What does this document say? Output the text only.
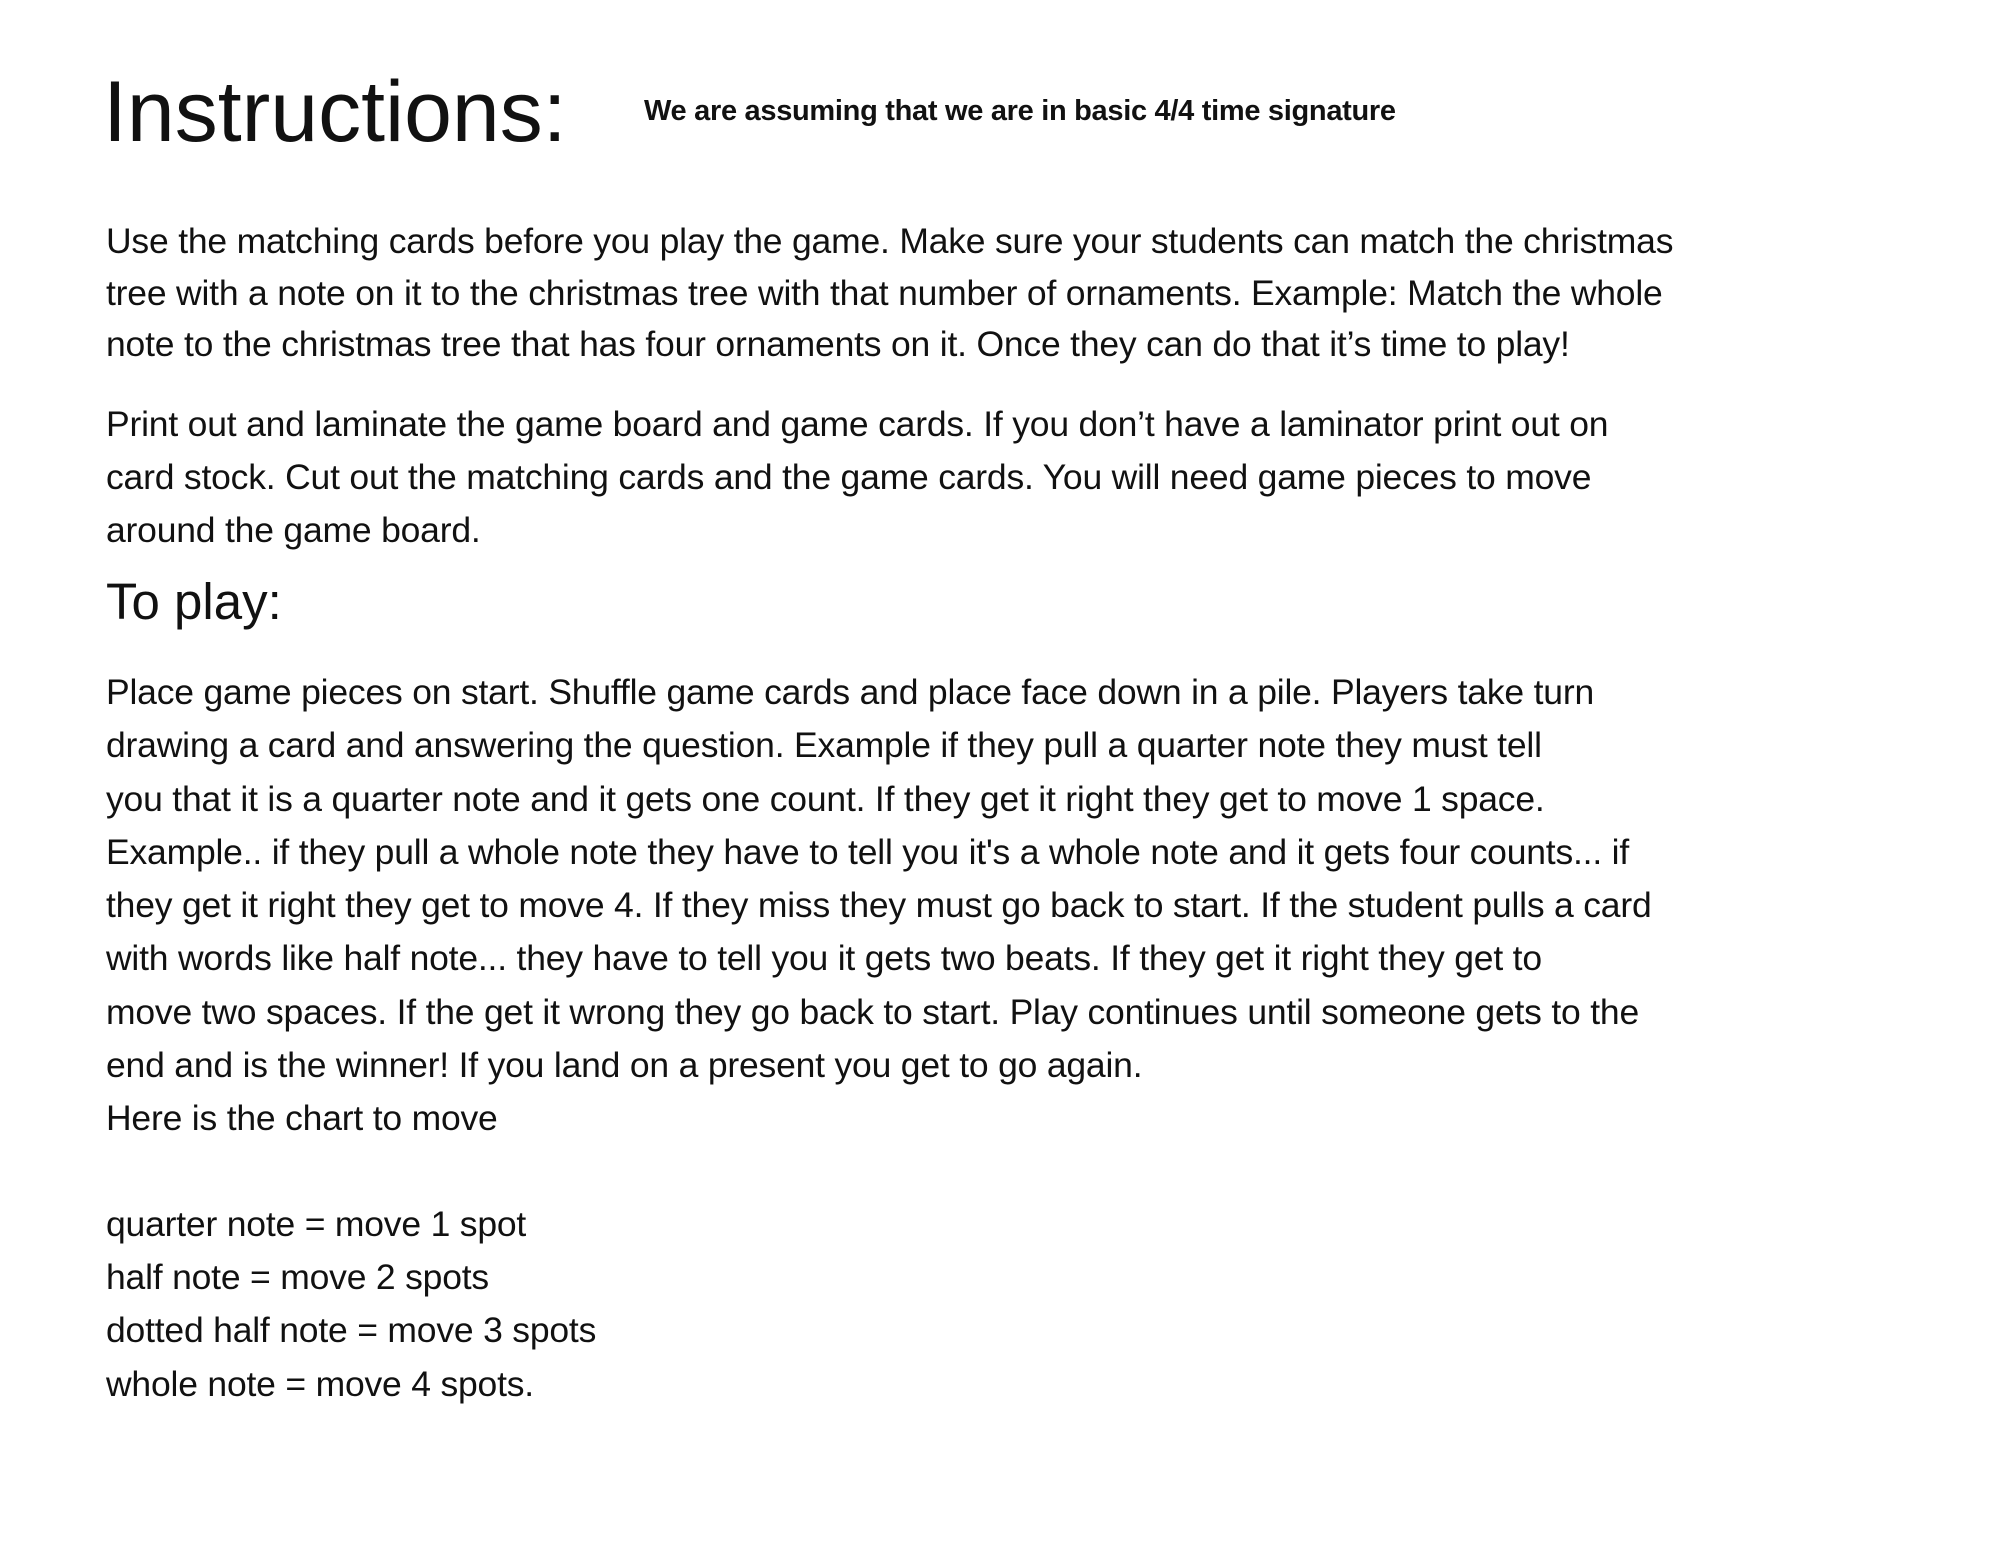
Instructions:	We are assuming that we are in basic 4/4 time signature
Use the matching cards before you play the game. Make sure your students can match the christmas
tree with a note on it to the christmas tree with that number of ornaments. Example: Match the whole
note to the christmas tree that has four ornaments on it. Once they can do that it’s time to play!
Print out and laminate the game board and game cards. If you don’t have a laminator print out on
card stock. Cut out the matching cards and the game cards. You will need game pieces to move
around the game board.
To play:
Place game pieces on start. Shuffle game cards and place face down in a pile. Players take turn
drawing a card and answering the question. Example if they pull a quarter note they must tell
you that it is a quarter note and it gets one count. If they get it right they get to move 1 space.
Example.. if they pull a whole note they have to tell you it's a whole note and it gets four counts... if
they get it right they get to move 4. If they miss they must go back to start. If the student pulls a card
with words like half note... they have to tell you it gets two beats. If they get it right they get to
move two spaces. If the get it wrong they go back to start. Play continues until someone gets to the
end and is the winner! If you land on a present you get to go again.
Here is the chart to move
quarter note = move 1 spot
half note = move 2 spots
dotted half note = move 3 spots
whole note = move 4 spots.
